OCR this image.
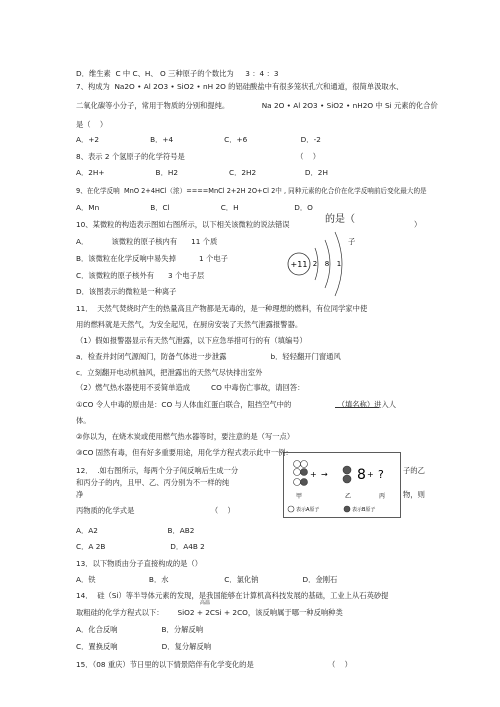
D．维生素  C 中 C、H、 O 三种原子的个数比为     3 ：4 ：3
7、构成为  Na2O • Al 2O3 • SiO2 • nH 2O 的铝硅酸盐中有很多笼状孔穴和通道，很简单汲取水、
二氧化碳等小分子，常用于物质的分别和提纯。              Na 2O • Al 2O3 • SiO2 • nH2O 中 Si 元素的化合价
是（    ）
A．+2                      B．+4                      C．+6                       D．-2
8、表示 2 个氢原子的化学符号是                                                （    ）
A．2H+                      B．H2                      C．2H2                     D．2H
9、在化学反响  MnO 2+4HCl（浓）====MnCl 2+2H 2O+Cl 2中 , 同种元素的化合价在化学反响前后变化最大的是
A．Mn                      B．Cl                      C．H                        D．O
10、某微粒的构造表示图如右图所示，以下相关该微粒的说法错误	的是（	）
A．          该微粒的原子核内有      11 个质	子
B．该微粒在化学反响中易失掉          1 个电子
C．该微粒的原子核外有      3 个电子层
D．该图表示的微粒是一种离子
11．  天然气焚烧时产生的热量高且产物都是无毒的，是一种理想的燃料，有位同学家中使
用的燃料就是天然气，为安全起见，在厨房安装了天然气泄露报警器。
（1）假如报警器显示有天然气泄露，以下应急举措可行的有（填编号）
a．检查并封闭气源阀门，防备气体进一步泄露                   b．轻轻翻开门窗通风
c．立刻翻开电动机抽风，把泄露出的天然气尽快排出室外
（2）燃气热水器使用不妥简单造成         CO 中毒伤亡事故，请回答：
①CO 令人中毒的原由是：CO 与人体血红蛋白联合，阻挡空气中的                    （填名称）进入人
体。
②你以为，在烧木炭或使用燃气热水器等时，要注意的是（写一点）
③CO 固然有毒，但有好多重要用途，用化学方程式表示此中一例：
12．  .如右图所示，每两个分子间反响后生成一分	子的乙
和丙分子的内，且甲、乙、丙分别为不一样的纯
物，则
净
丙物质的化学式是                                 （    ）
A．A2                              B．AB2
C．A 2B                            D．A4B 2
13．以下物质由分子直接构成的是（）
A．铁                       B．水                        C．氯化钠                   D．金刚石
14．  硅（Si）等半导体元素的发现，是我国能够在计算机高科技发展的基础，工业上从石英砂提
取粗硅的化学方程式以下：      SiO2 + 2CSi + 2CO，该反响属于哪一种反响种类
高温
A．化合反响                   B．分解反响
C．置换反响                   D．复分解反响
15．（08 重庆）节日里的以下情景陪伴有化学变化的是                                （    ）
+11 2 8 1
甲
+ → 8 + ?
乙	丙
表示A原子	表示B原子
